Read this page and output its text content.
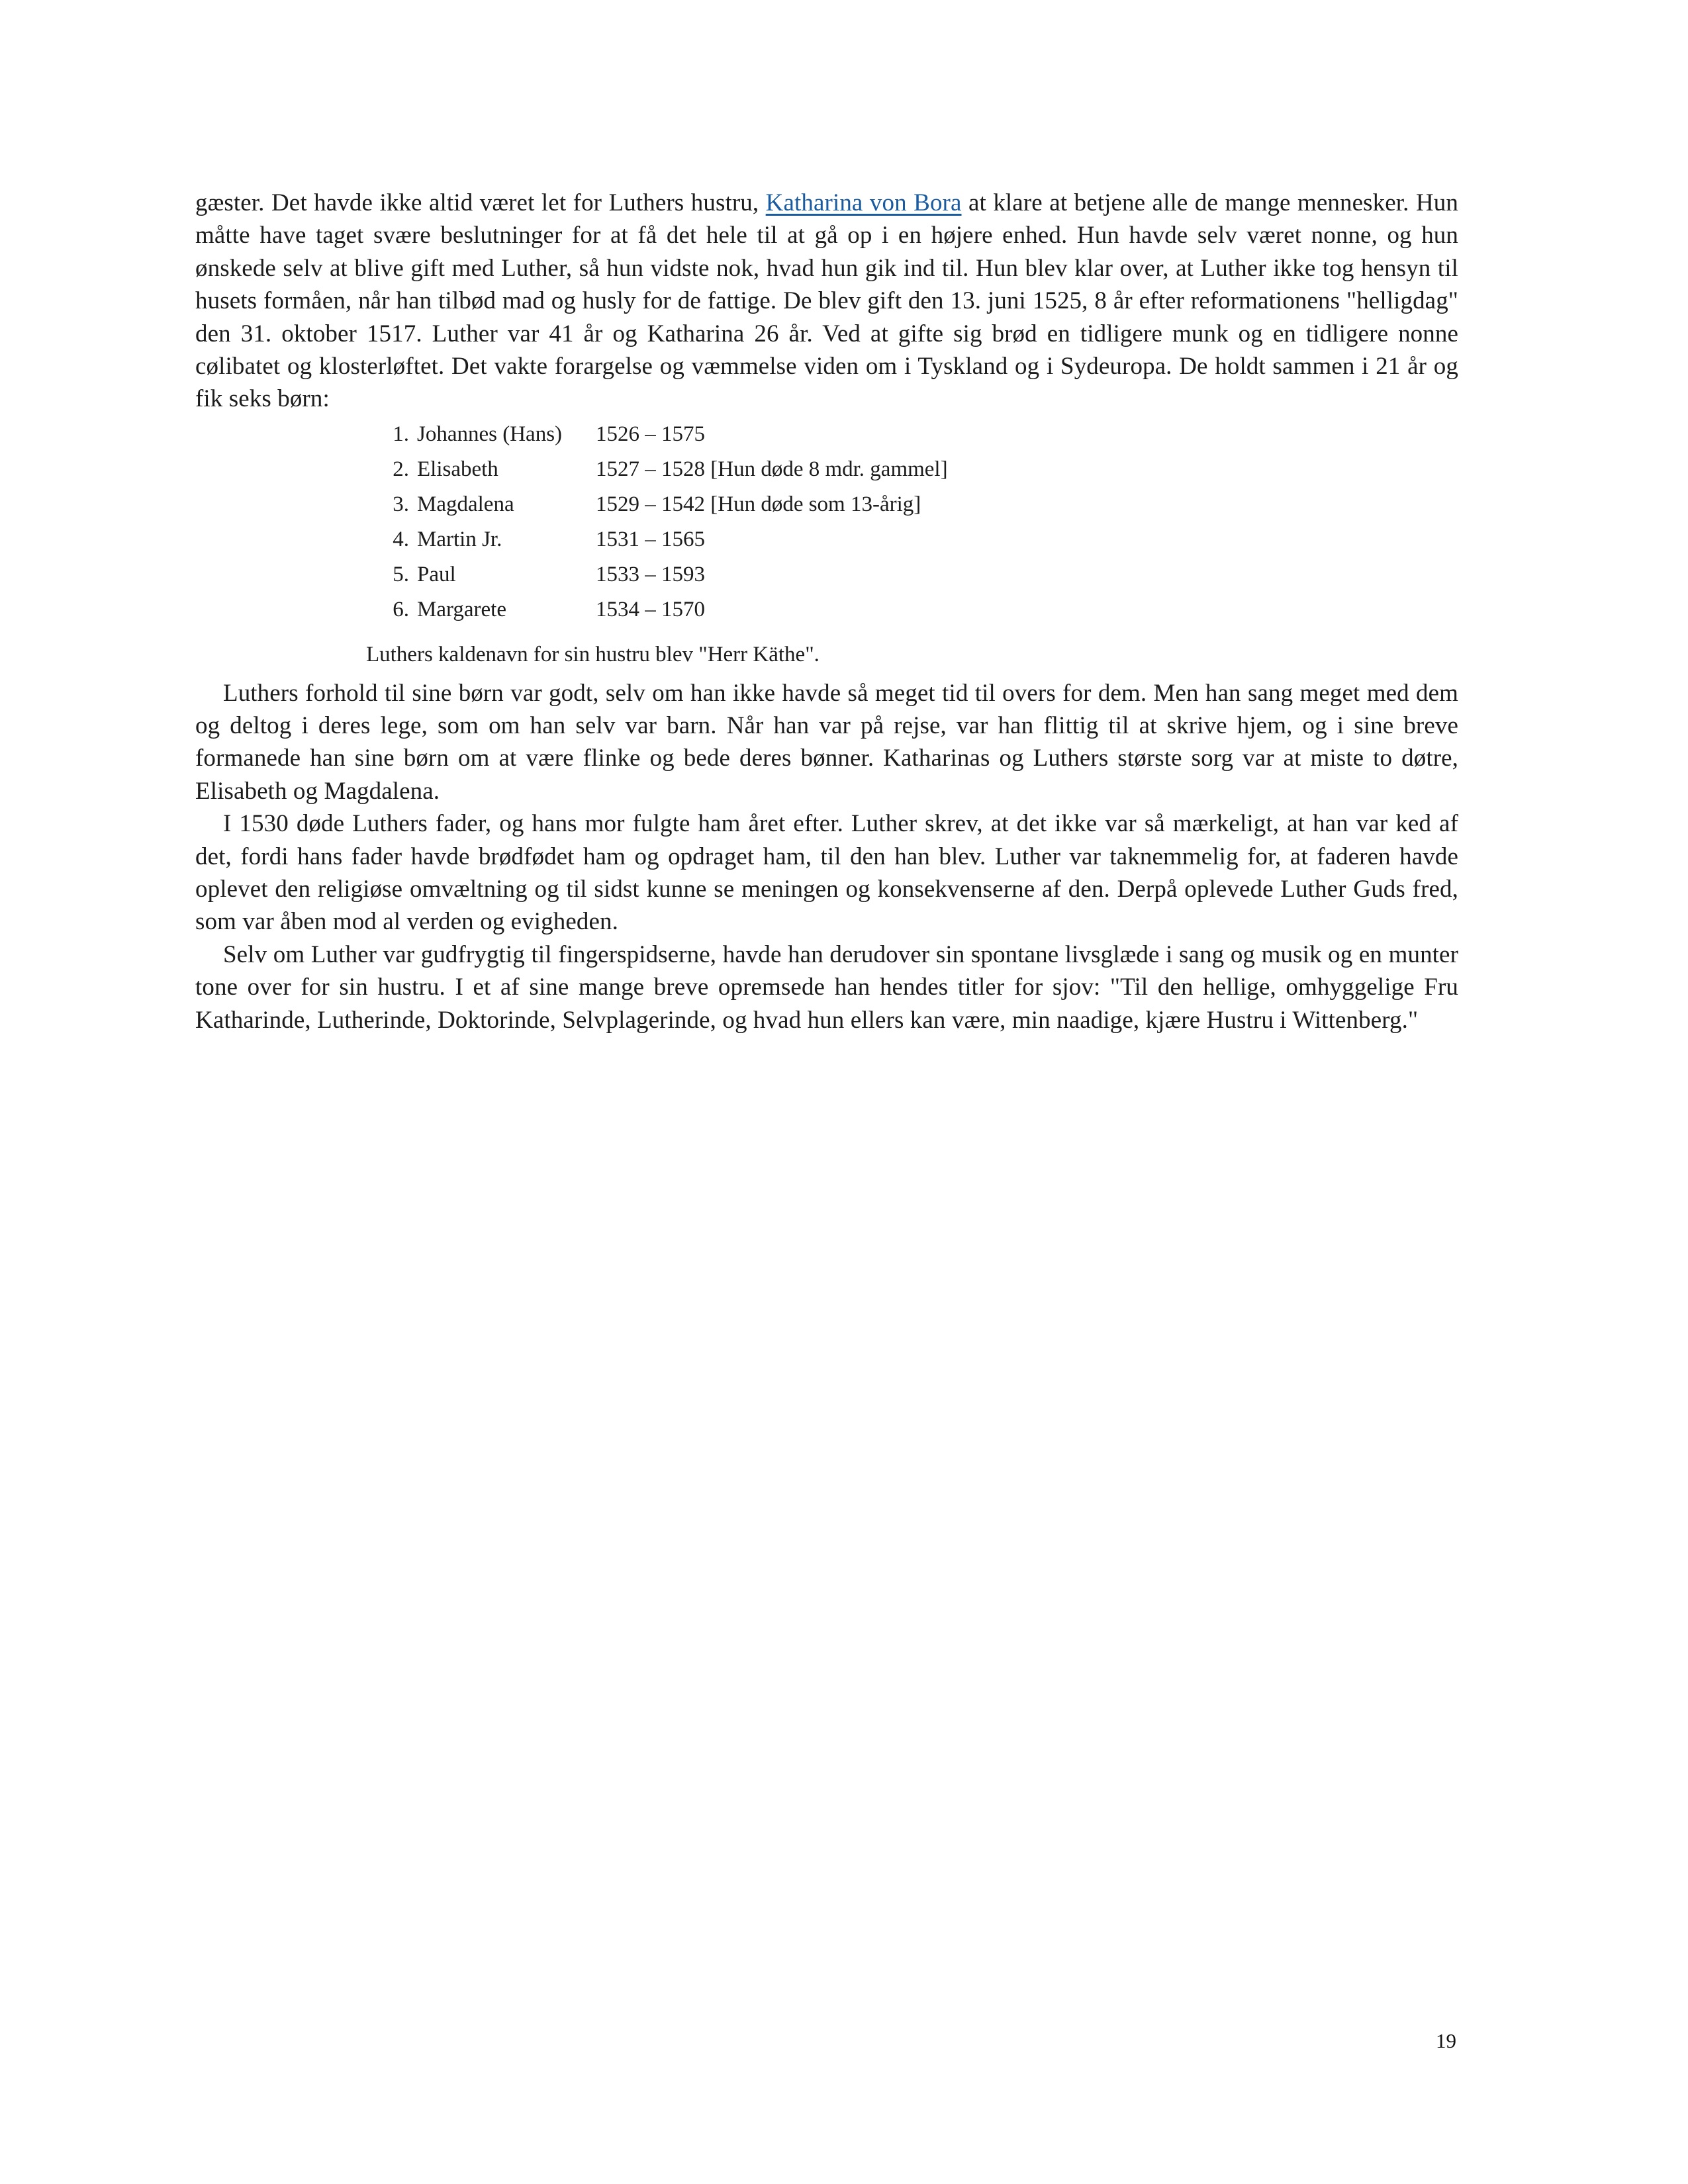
gæster. Det havde ikke altid været let for Luthers hustru, Katharina von Bora at klare at betjene alle de mange mennesker. Hun måtte have taget svære beslutninger for at få det hele til at gå op i en højere enhed. Hun havde selv været nonne, og hun ønskede selv at blive gift med Luther, så hun vidste nok, hvad hun gik ind til. Hun blev klar over, at Luther ikke tog hensyn til husets formåen, når han tilbød mad og husly for de fattige. De blev gift den 13. juni 1525, 8 år efter reformationens "helligdag" den 31. oktober 1517. Luther var 41 år og Katharina 26 år. Ved at gifte sig brød en tidligere munk og en tidligere nonne cølibatet og klosterløftet. Det vakte forargelse og væmmelse viden om i Tyskland og i Sydeuropa. De holdt sammen i 21 år og fik seks børn:

1. Johannes (Hans)	1526 – 1575
2. Elisabeth	1527 – 1528 [Hun døde 8 mdr. gammel]
3. Magdalena	1529 – 1542 [Hun døde som 13-årig]
4. Martin Jr.	1531 – 1565
5. Paul	1533 – 1593
6. Margarete	1534 – 1570
Luthers kaldenavn for sin hustru blev "Herr Käthe".

Luthers forhold til sine børn var godt, selv om han ikke havde så meget tid til overs for dem. Men han sang meget med dem og deltog i deres lege, som om han selv var barn. Når han var på rejse, var han flittig til at skrive hjem, og i sine breve formanede han sine børn om at være flinke og bede deres bønner. Katharinas og Luthers største sorg var at miste to døtre, Elisabeth og Magdalena.

I 1530 døde Luthers fader, og hans mor fulgte ham året efter. Luther skrev, at det ikke var så mærkeligt, at han var ked af det, fordi hans fader havde brødfødet ham og opdraget ham, til den han blev. Luther var taknemmelig for, at faderen havde oplevet den religiøse omvæltning og til sidst kunne se meningen og konsekvenserne af den. Derpå oplevede Luther Guds fred, som var åben mod al verden og evigheden.

Selv om Luther var gudfrygtig til fingerspidserne, havde han derudover sin spontane livsglæde i sang og musik og en munter tone over for sin hustru. I et af sine mange breve opremsede han hendes titler for sjov: "Til den hellige, omhyggelige Fru Katharinde, Lutherinde, Doktorinde, Selvplagerinde, og hvad hun ellers kan være, min naadige, kjære Hustru i Wittenberg."

19
